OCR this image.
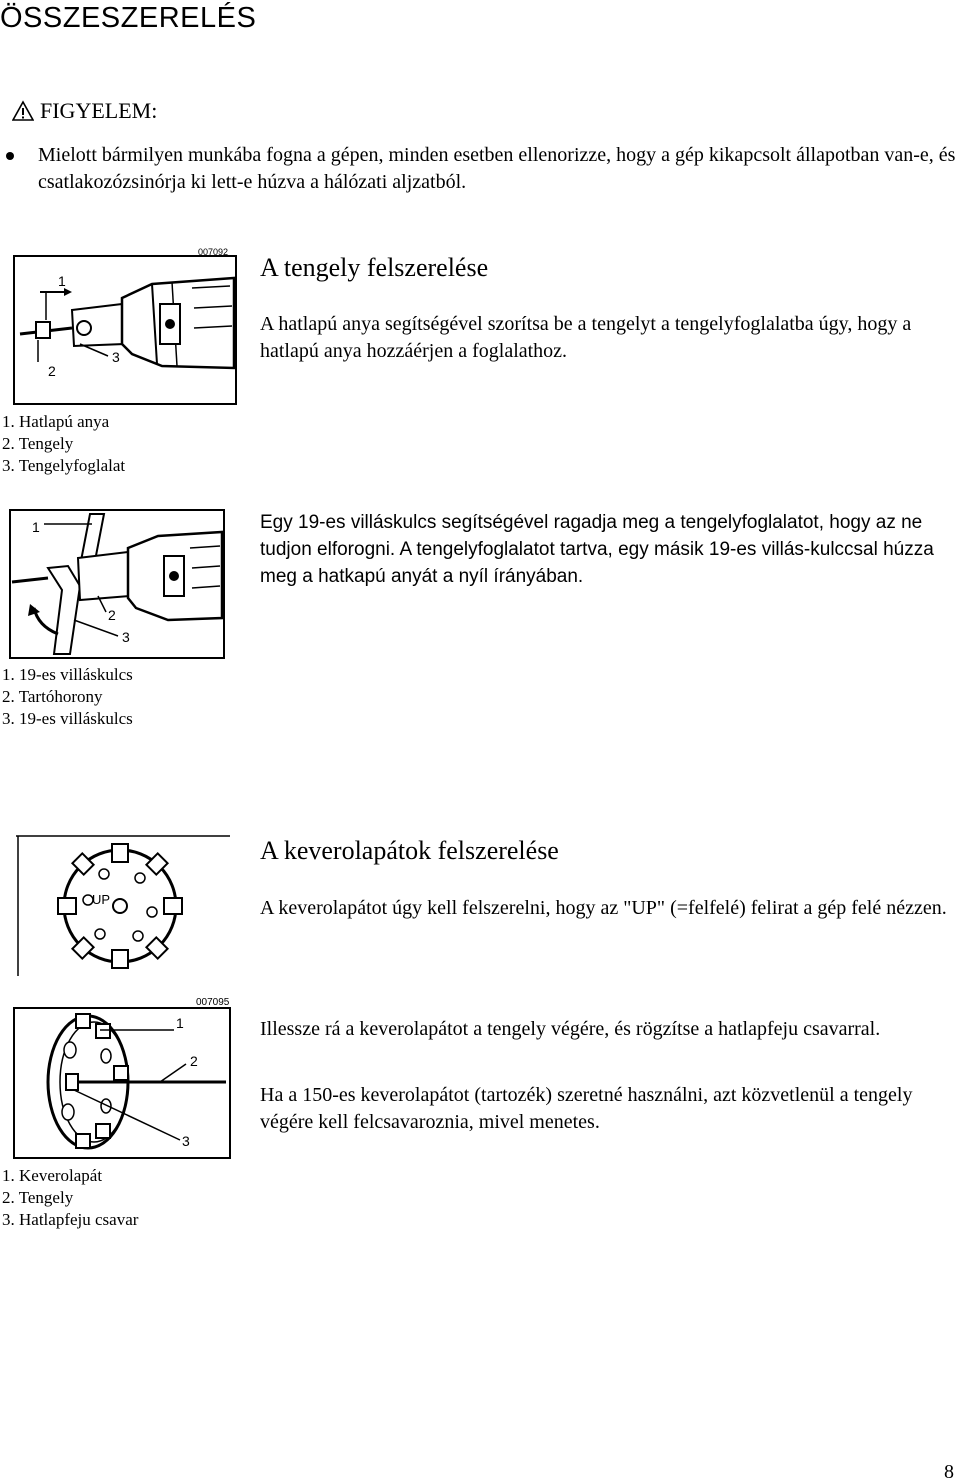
ÖSSZESZERELÉS
FIGYELEM:
Mielott bármilyen munkába fogna a gépen, minden esetben ellenorizze, hogy a gép kikapcsolt állapotban van-e, és csatlakozózsinórja ki lett-e húzva a hálózati aljzatból.
007092
1
2
3
A tengely felszerelése
A hatlapú anya segítségével szorítsa be a tengelyt a tengelyfoglalatba úgy, hogy a hatlapú anya hozzáérjen a foglalathoz.
1. Hatlapú anya
2. Tengely
3. Tengelyfoglalat
1
2
3
Egy 19-es villáskulcs segítségével ragadja meg a tengelyfoglalatot, hogy az ne tudjon elforogni. A tengelyfoglalatot tartva, egy másik 19-es villás-kulccsal húzza meg a hatkapú anyát a nyíl írányában.
1. 19-es villáskulcs
2. Tartóhorony
3. 19-es villáskulcs
UP
A keverolapátok felszerelése
A keverolapátot úgy kell felszerelni, hogy az "UP" (=felfelé) felirat a gép felé nézzen.
007095
1
2
3
Illessze rá a keverolapátot a tengely végére, és rögzítse a hatlapfeju csavarral.
Ha a 150-es keverolapátot (tartozék) szeretné használni, azt közvetlenül a tengely végére kell felcsavaroznia, mivel menetes.
1. Keverolapát
2. Tengely
3. Hatlapfeju csavar
8
